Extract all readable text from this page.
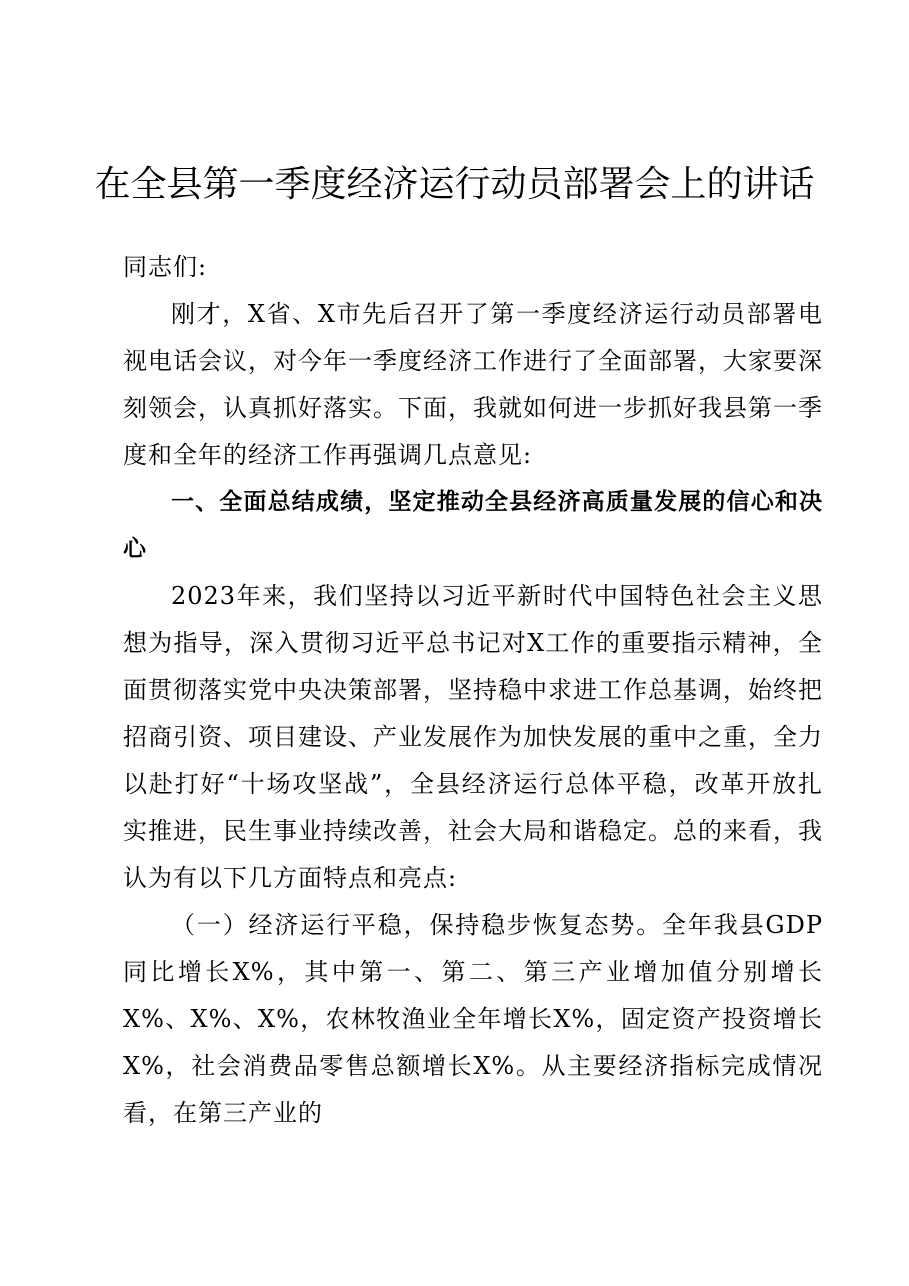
在全县第一季度经济运行动员部署会上的讲话

同志们:

刚才，X省、X市先后召开了第一季度经济运行动员部署电视电话会议，对今年一季度经济工作进行了全面部署，大家要深刻领会，认真抓好落实。下面，我就如何进一步抓好我县第一季度和全年的经济工作再强调几点意见:

一、全面总结成绩，坚定推动全县经济高质量发展的信心和决心

2023年来，我们坚持以习近平新时代中国特色社会主义思想为指导，深入贯彻习近平总书记对X工作的重要指示精神，全面贯彻落实党中央决策部署，坚持稳中求进工作总基调，始终把招商引资、项目建设、产业发展作为加快发展的重中之重，全力以赴打好“十场攻坚战”，全县经济运行总体平稳，改革开放扎实推进，民生事业持续改善，社会大局和谐稳定。总的来看，我认为有以下几方面特点和亮点:

（一）经济运行平稳，保持稳步恢复态势。全年我县GDP同比增长X%，其中第一、第二、第三产业增加值分别增长X%、X%、X%，农林牧渔业全年增长X%，固定资产投资增长X%，社会消费品零售总额增长X%。从主要经济指标完成情况看，在第三产业的
